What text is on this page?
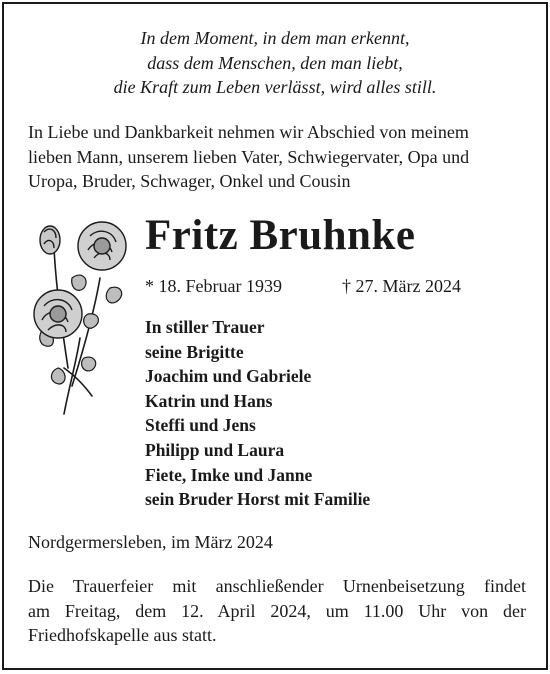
In dem Moment, in dem man erkennt,
dass dem Menschen, den man liebt,
die Kraft zum Leben verlässt, wird alles still.
In Liebe und Dankbarkeit nehmen wir Abschied von meinem
lieben Mann, unserem lieben Vater, Schwiegervater, Opa und
Uropa, Bruder, Schwager, Onkel und Cousin
Fritz Bruhnke
* 18. Februar 1939	† 27. März 2024
In stiller Trauer
seine Brigitte
Joachim und Gabriele
Katrin und Hans
Steffi und Jens
Philipp und Laura
Fiete, Imke und Janne
sein Bruder Horst mit Familie
Nordgermersleben, im März 2024
Die Trauerfeier mit anschließender Urnenbeisetzung findet
am Freitag, dem 12. April 2024, um 11.00 Uhr von der
Friedhofskapelle aus statt.
